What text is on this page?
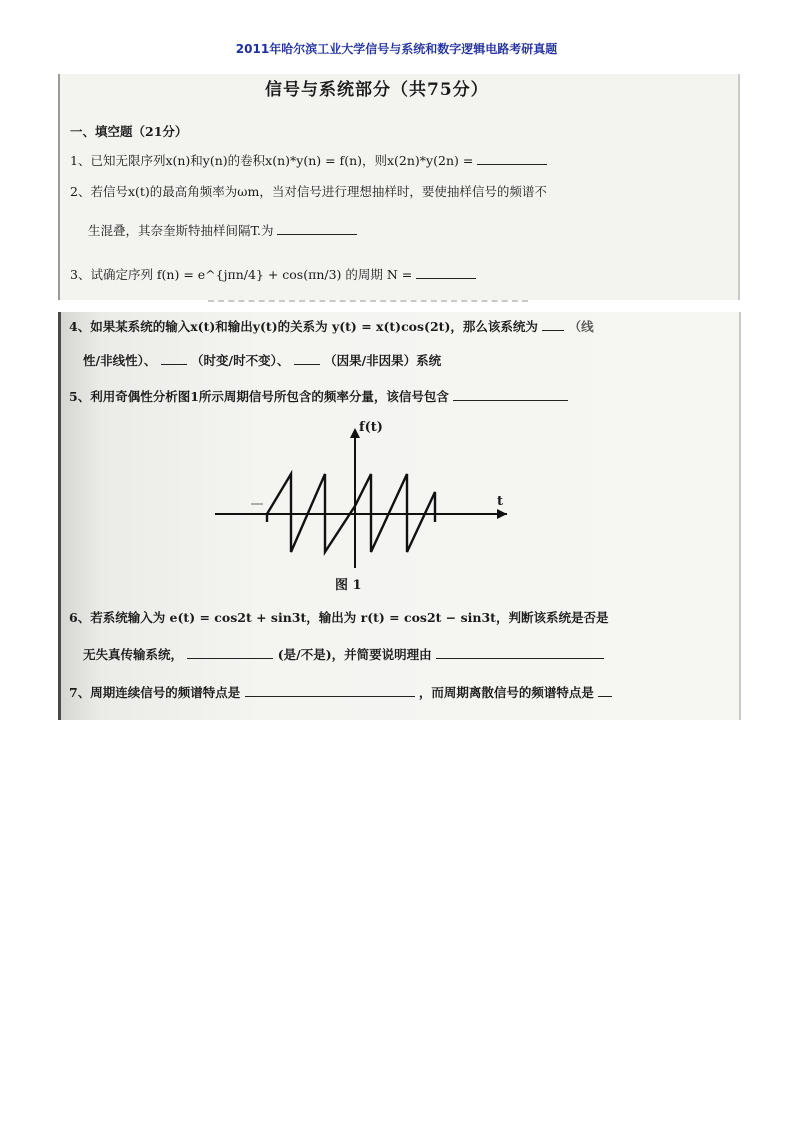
2011年哈尔滨工业大学信号与系统和数字逻辑电路考研真题
信号与系统部分（共75分）
一、填空题（21分）
1、已知无限序列x(n)和y(n)的卷积x(n)*y(n) = f(n)，则x(2n)*y(2n) =
2、若信号x(t)的最高角频率为ωm，当对信号进行理想抽样时，要使抽样信号的频谱不
生混叠，其奈奎斯特抽样间隔T.为
3、试确定序列 f(n) = e^{jπn/4} + cos(πn/3) 的周期 N =
4、如果某系统的输入x(t)和输出y(t)的关系为 y(t) = x(t)cos(2t)，那么该系统为 （线
性/非线性）、	（时变/时不变）、	（因果/非因果）系统
5、利用奇偶性分析图1所示周期信号所包含的频率分量，该信号包含
f(t)
t
图 1
6、若系统输入为 e(t) = cos2t + sin3t，输出为 r(t) = cos2t − sin3t，判断该系统是否是
无失真传输系统，	(是/不是)，并简要说明理由
7、周期连续信号的频谱特点是	，而周期离散信号的频谱特点是
